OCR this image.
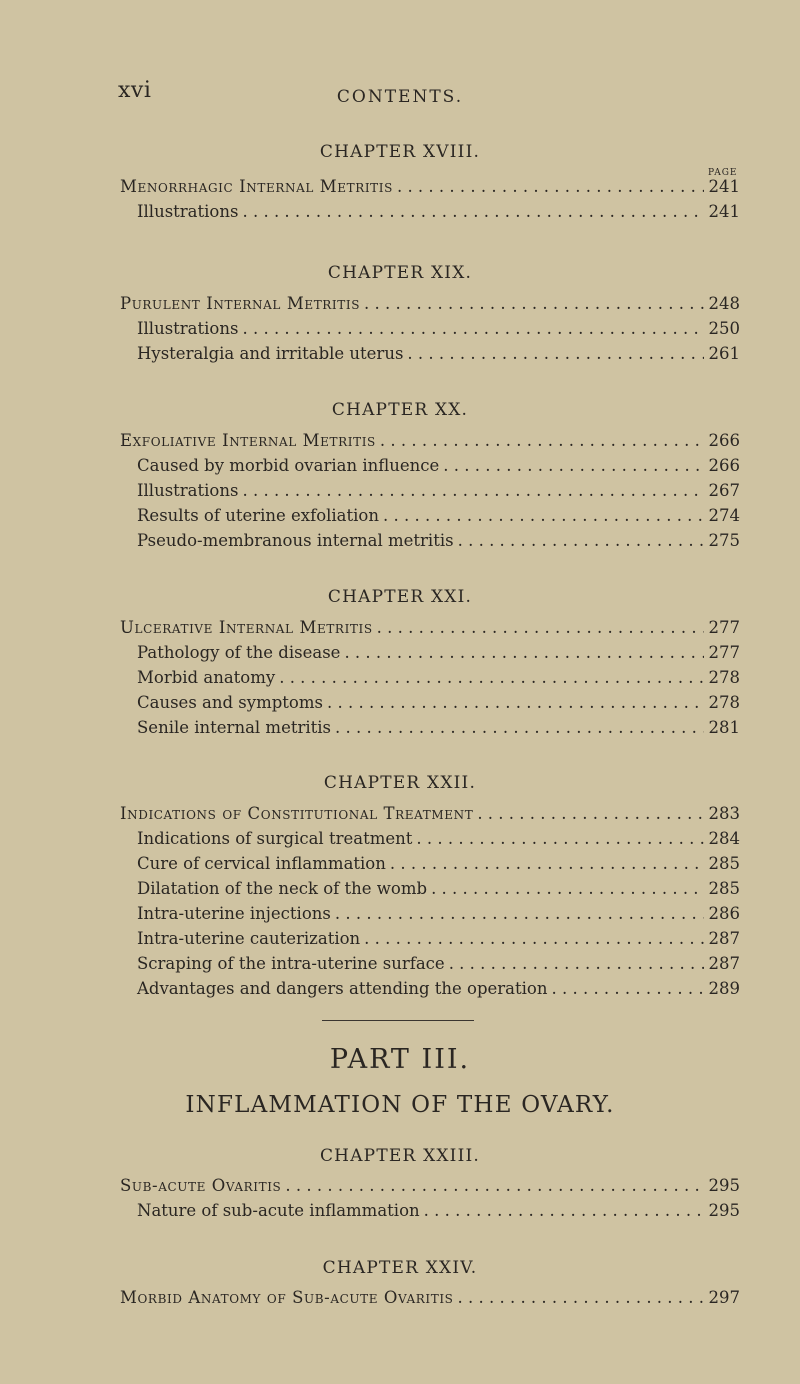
xvi	CONTENTS.
CHAPTER XVIII.
PAGE
Menorrhagic Internal Metritis . . .	241
Illustrations . . .	241
CHAPTER XIX.
Purulent Internal Metritis . . .	248
Illustrations . . .	250
Hysteralgia and irritable uterus . . .	261
CHAPTER XX.
Exfoliative Internal Metritis . . .	266
Caused by morbid ovarian influence . . .	266
Illustrations . . .	267
Results of uterine exfoliation . . .	274
Pseudo-membranous internal metritis . . .	275
CHAPTER XXI.
Ulcerative Internal Metritis . . .	277
Pathology of the disease . . .	277
Morbid anatomy . . .	278
Causes and symptoms . . .	278
Senile internal metritis . . .	281
CHAPTER XXII.
Indications of Constitutional Treatment . . .	283
Indications of surgical treatment . . .	284
Cure of cervical inflammation . . .	285
Dilatation of the neck of the womb . . .	285
Intra-uterine injections . . .	286
Intra-uterine cauterization . . .	287
Scraping of the intra-uterine surface . . .	287
Advantages and dangers attending the operation . . .	289
PART III.
INFLAMMATION OF THE OVARY.
CHAPTER XXIII.
Sub-acute Ovaritis . . .	295
Nature of sub-acute inflammation . . .	295
CHAPTER XXIV.
Morbid Anatomy of Sub-acute Ovaritis . . .	297
